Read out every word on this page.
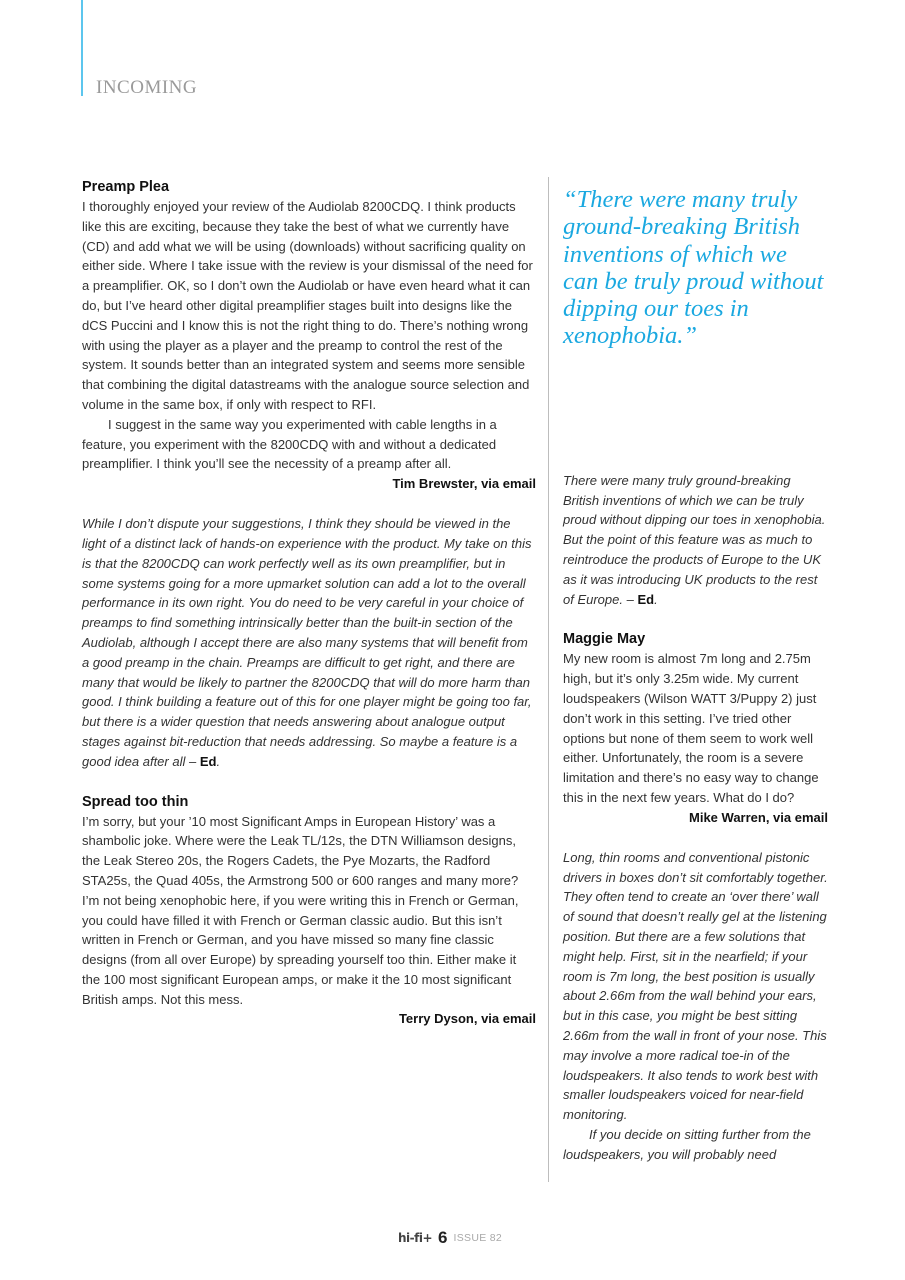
INCOMING
Preamp Plea

I thoroughly enjoyed your review of the Audiolab 8200CDQ. I think products like this are exciting, because they take the best of what we currently have (CD) and add what we will be using (downloads) without sacrificing quality on either side. Where I take issue with the review is your dismissal of the need for a preamplifier. OK, so I don’t own the Audiolab or have even heard what it can do, but I’ve heard other digital preamplifier stages built into designs like the dCS Puccini and I know this is not the right thing to do. There’s nothing wrong with using the player as a player and the preamp to control the rest of the system. It sounds better than an integrated system and seems more sensible that combining the digital datastreams with the analogue source selection and volume in the same box, if only with respect to RFI.

I suggest in the same way you experimented with cable lengths in a feature, you experiment with the 8200CDQ with and without a dedicated preamplifier. I think you’ll see the necessity of a preamp after all.

Tim Brewster, via email

While I don’t dispute your suggestions, I think they should be viewed in the light of a distinct lack of hands-on experience with the product. My take on this is that the 8200CDQ can work perfectly well as its own preamplifier, but in some systems going for a more upmarket solution can add a lot to the overall performance in its own right. You do need to be very careful in your choice of preamps to find something intrinsically better than the built-in section of the Audiolab, although I accept there are also many systems that will benefit from a good preamp in the chain. Preamps are difficult to get right, and there are many that would be likely to partner the 8200CDQ that will do more harm than good. I think building a feature out of this for one player might be going too far, but there is a wider question that needs answering about analogue output stages against bit-reduction that needs addressing. So maybe a feature is a good idea after all – Ed.

Spread too thin

I’m sorry, but your ’10 most Significant Amps in European History’ was a shambolic joke. Where were the Leak TL/12s, the DTN Williamson designs, the Leak Stereo 20s, the Rogers Cadets, the Pye Mozarts, the Radford STA25s, the Quad 405s, the Armstrong 500 or 600 ranges and many more? I’m not being xenophobic here, if you were writing this in French or German, you could have filled it with French or German classic audio. But this isn’t written in French or German, and you have missed so many fine classic designs (from all over Europe) by spreading yourself too thin. Either make it the 100 most significant European amps, or make it the 10 most significant British amps. Not this mess.

Terry Dyson, via email
“There were many truly ground-breaking British inventions of which we can be truly proud without dipping our toes in xenophobia.”

There were many truly ground-breaking British inventions of which we can be truly proud without dipping our toes in xenophobia. But the point of this feature was as much to reintroduce the products of Europe to the UK as it was introducing UK products to the rest of Europe. – Ed.

Maggie May

My new room is almost 7m long and 2.75m high, but it’s only 3.25m wide. My current loudspeakers (Wilson WATT 3/Puppy 2) just don’t work in this setting. I’ve tried other options but none of them seem to work well either. Unfortunately, the room is a severe limitation and there’s no easy way to change this in the next few years. What do I do?

Mike Warren, via email

Long, thin rooms and conventional pistonic drivers in boxes don’t sit comfortably together. They often tend to create an ‘over there’ wall of sound that doesn’t really gel at the listening position. But there are a few solutions that might help. First, sit in the nearfield; if your room is 7m long, the best position is usually about 2.66m from the wall behind your ears, but in this case, you might be best sitting 2.66m from the wall in front of your nose. This may involve a more radical toe-in of the loudspeakers. It also tends to work best with smaller loudspeakers voiced for near-field monitoring.

If you decide on sitting further from the loudspeakers, you will probably need

hi-fi+ 6 ISSUE 82
